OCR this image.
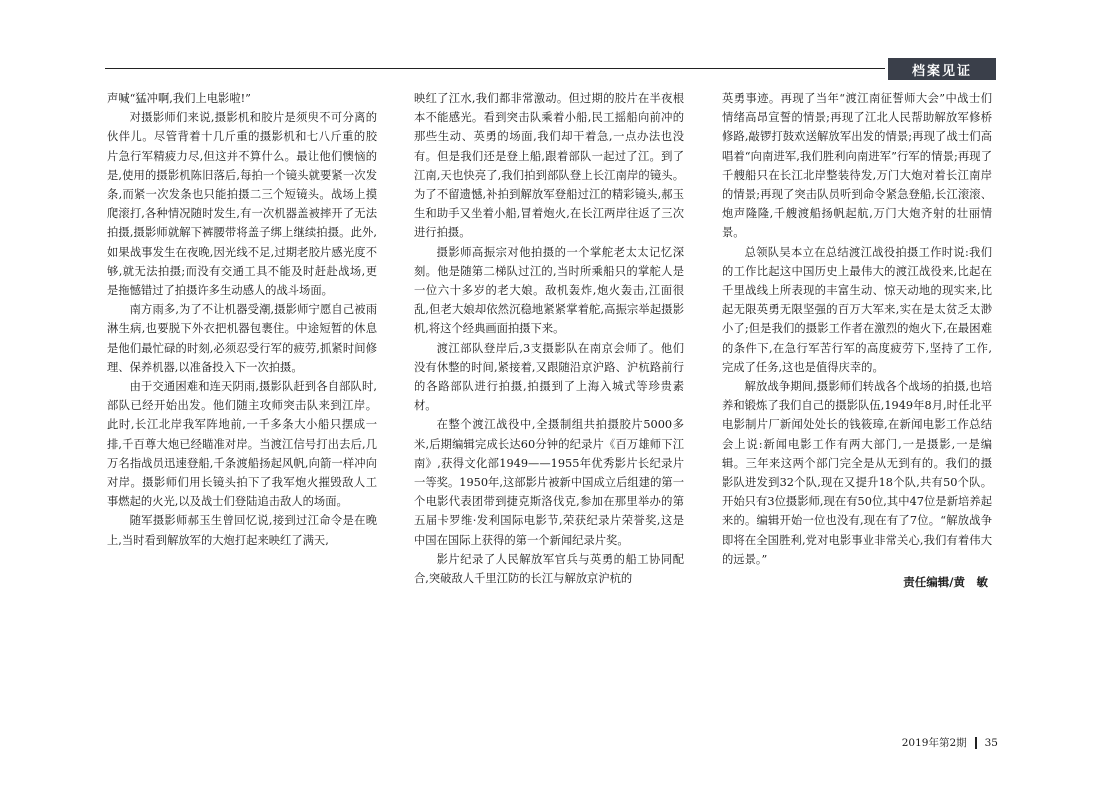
档案见证

声喊“猛冲啊,我们上电影啦!”

对摄影师们来说,摄影机和胶片是须臾不可分离的伙伴儿。尽管背着十几斤重的摄影机和七八斤重的胶片急行军精疲力尽,但这并不算什么。最让他们懊恼的是,使用的摄影机陈旧落后,每拍一个镜头就要紧一次发条,而紧一次发条也只能拍摄二三个短镜头。战场上摸爬滚打,各种情况随时发生,有一次机器盖被摔开了无法拍摄,摄影师就解下裤腰带将盖子绑上继续拍摄。此外,如果战事发生在夜晚,因光线不足,过期老胶片感光度不够,就无法拍摄;而没有交通工具不能及时赶赴战场,更是拖憾错过了拍摄许多生动感人的战斗场面。

南方雨多,为了不让机器受潮,摄影师宁愿自己被雨淋生病,也要脱下外衣把机器包裹住。中途短暂的休息是他们最忙碌的时刻,必须忍受行军的疲劳,抓紧时间修理、保养机器,以准备投入下一次拍摄。

由于交通困难和连天阴雨,摄影队赶到各自部队时,部队已经开始出发。他们随主攻师突击队来到江岸。此时,长江北岸我军阵地前,一千多条大小船只摆成一排,千百尊大炮已经瞄准对岸。当渡江信号打出去后,几万名指战员迅速登船,千条渡船扬起风帆,向箭一样冲向对岸。摄影师们用长镜头拍下了我军炮火摧毁敌人工事燃起的火光,以及战士们登陆追击敌人的场面。

随军摄影师郝玉生曾回忆说,接到过江命令是在晚上,当时看到解放军的大炮打起来映红了满天,

映红了江水,我们都非常激动。但过期的胶片在半夜根本不能感光。看到突击队乘着小船,民工摇船向前冲的那些生动、英勇的场面,我们却干着急,一点办法也没有。但是我们还是登上船,跟着部队一起过了江。到了江南,天也快亮了,我们拍到部队登上长江南岸的镜头。为了不留遗憾,补拍到解放军登船过江的精彩镜头,郝玉生和助手又坐着小船,冒着炮火,在长江两岸往返了三次进行拍摄。

摄影师高振宗对他拍摄的一个掌舵老太太记忆深刻。他是随第二梯队过江的,当时所乘船只的掌舵人是一位六十多岁的老大娘。敌机轰炸,炮火轰击,江面很乱,但老大娘却依然沉稳地紧紧掌着舵,高振宗举起摄影机,将这个经典画面拍摄下来。

渡江部队登岸后,3支摄影队在南京会师了。他们没有休整的时间,紧接着,又跟随沿京沪路、沪杭路前行的各路部队进行拍摄,拍摄到了上海入城式等珍贵素材。

在整个渡江战役中,全摄制组共拍摄胶片5000多米,后期编辑完成长达60分钟的纪录片《百万雄师下江南》,获得文化部1949——1955年优秀影片长纪录片一等奖。1950年,这部影片被新中国成立后组建的第一个电影代表团带到捷克斯洛伐克,参加在那里举办的第五届卡罗维·发利国际电影节,荣获纪录片荣誉奖,这是中国在国际上获得的第一个新闻纪录片奖。

影片纪录了人民解放军官兵与英勇的船工协同配合,突破敌人千里江防的长江与解放京沪杭的

英勇事迹。再现了当年“渡江南征誓师大会”中战士们情绪高昂宣誓的情景;再现了江北人民帮助解放军修桥修路,敲锣打鼓欢送解放军出发的情景;再现了战士们高唱着“向南进军,我们胜利向南进军”行军的情景;再现了千艘船只在长江北岸整装待发,万门大炮对着长江南岸的情景;再现了突击队员听到命令紧急登船,长江滚滚、炮声隆隆,千艘渡船扬帆起航,万门大炮齐射的壮丽情景。

总领队吴本立在总结渡江战役拍摄工作时说:我们的工作比起这中国历史上最伟大的渡江战役来,比起在千里战线上所表现的丰富生动、惊天动地的现实来,比起无限英勇无限坚强的百万大军来,实在是太贫乏太渺小了;但是我们的摄影工作者在激烈的炮火下,在最困难的条件下,在急行军苦行军的高度疲劳下,坚持了工作,完成了任务,这也是值得庆幸的。

解放战争期间,摄影师们转战各个战场的拍摄,也培养和锻炼了我们自己的摄影队伍,1949年8月,时任北平电影制片厂新闻处处长的钱筱璋,在新闻电影工作总结会上说:新闻电影工作有两大部门,一是摄影,一是编辑。三年来这两个部门完全是从无到有的。我们的摄影队进发到32个队,现在又提升18个队,共有50个队。开始只有3位摄影师,现在有50位,其中47位是新培养起来的。编辑开始一位也没有,现在有了7位。“解放战争即将在全国胜利,党对电影事业非常关心,我们有着伟大的远景。”

责任编辑/黄　敏
2019年第2期 35
